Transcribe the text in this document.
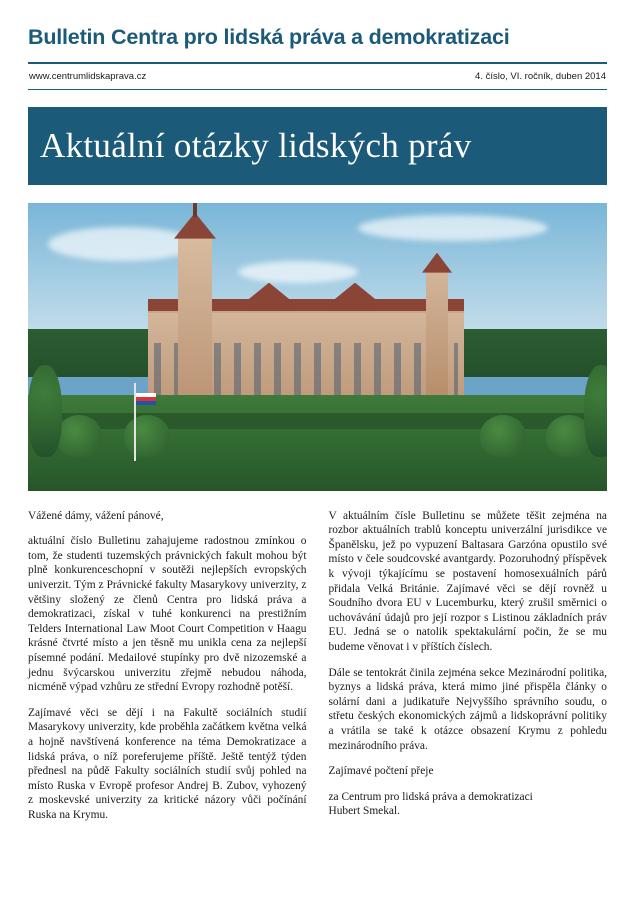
Bulletin Centra pro lidská práva a demokratizaci
www.centrumlidskaprava.cz	4. číslo, VI. ročník, duben 2014
Aktuální otázky lidských práv

Vážené dámy, vážení pánové,

aktuální číslo Bulletinu zahajujeme radostnou zmínkou o tom, že studenti tuzemských právnických fakult mohou být plně konkurenceschopní v soutěži nejlepších evropských univerzit. Tým z Právnické fakulty Masarykovy univerzity, z většiny složený ze členů Centra pro lidská práva a demokratizaci, získal v tuhé konkurenci na prestižním Telders International Law Moot Court Competition v Haagu krásné čtvrté místo a jen těsně mu unikla cena za nejlepší písemné podání. Medailové stupínky pro dvě nizozemské a jednu švýcarskou univerzitu zřejmě nebudou náhoda, nicméně výpad vzhůru ze střední Evropy rozhodně potěší.

Zajímavé věci se dějí i na Fakultě sociálních studií Masarykovy univerzity, kde proběhla začátkem května velká a hojně navštívená konference na téma Demokratizace a lidská práva, o níž poreferujeme příště. Ještě tentýž týden přednesl na půdě Fakulty sociálních studií svůj pohled na místo Ruska v Evropě profesor Andrej B. Zubov, vyhozený z moskevské univerzity za kritické názory vůči počínání Ruska na Krymu.

V aktuálním čísle Bulletinu se můžete těšit zejména na rozbor aktuálních trablů konceptu univerzální jurisdikce ve Španělsku, jež po vypuzení Baltasara Garzóna opustilo své místo v čele soudcovské avantgardy. Pozoruhodný příspěvek k vývoji týkajícímu se postavení homosexuálních párů přidala Velká Británie. Zajímavé věci se dějí rovněž u Soudního dvora EU v Lucemburku, který zrušil směrnici o uchovávání údajů pro její rozpor s Listinou základních práv EU. Jedná se o natolik spektakulární počin, že se mu budeme věnovat i v příštích číslech.

Dále se tentokrát činila zejména sekce Mezinárodní politika, byznys a lidská práva, která mimo jiné přispěla články o solární dani a judikatuře Nejvyššího správního soudu, o střetu českých ekonomických zájmů a lidskoprávní politiky a vrátila se také k otázce obsazení Krymu z pohledu mezinárodního práva.

Zajímavé počtení přeje

za Centrum pro lidská práva a demokratizaci

Hubert Smekal.
